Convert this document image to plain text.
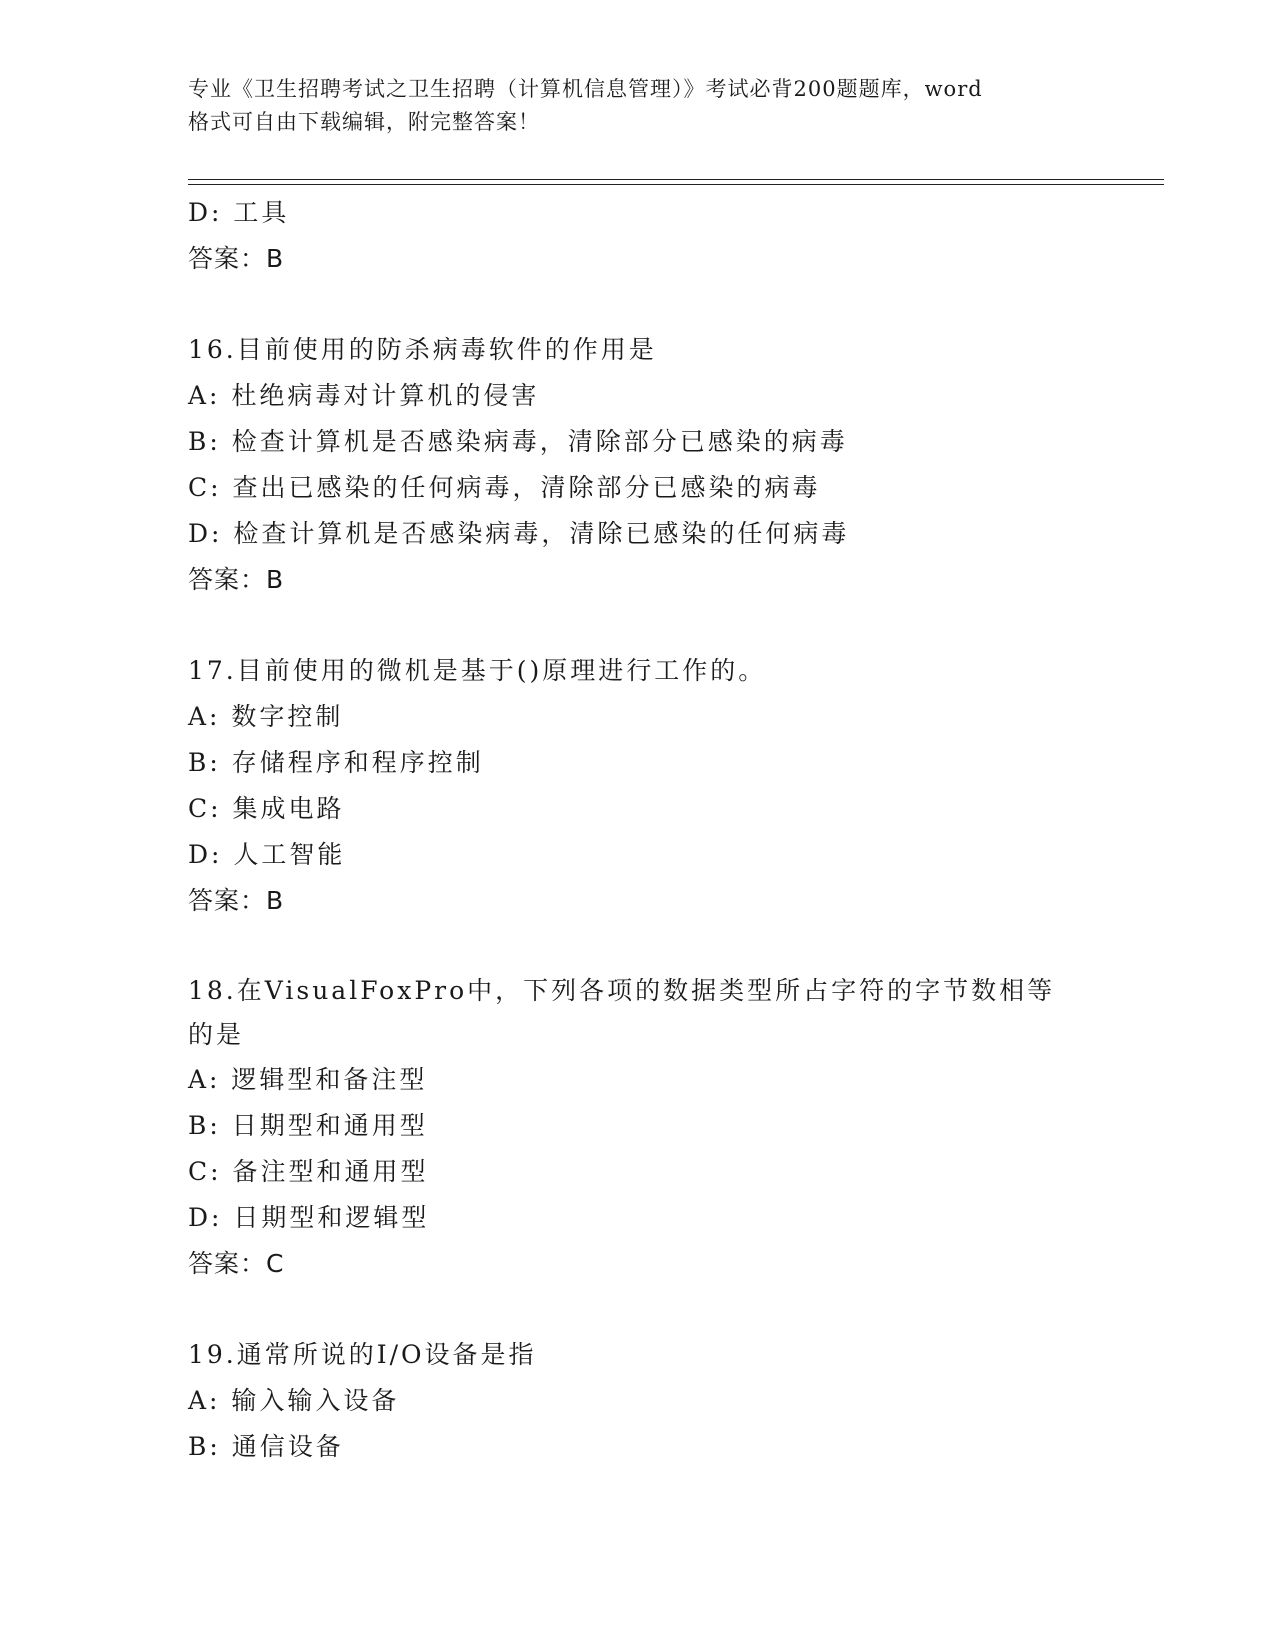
专业《卫生招聘考试之卫生招聘（计算机信息管理）》考试必背200题题库，word
格式可自由下载编辑，附完整答案！
D: 工具
答案：B
16.目前使用的防杀病毒软件的作用是
A: 杜绝病毒对计算机的侵害
B: 检查计算机是否感染病毒，清除部分已感染的病毒
C: 查出已感染的任何病毒，清除部分已感染的病毒
D: 检查计算机是否感染病毒，清除已感染的任何病毒
答案：B
17.目前使用的微机是基于()原理进行工作的。
A: 数字控制
B: 存储程序和程序控制
C: 集成电路
D: 人工智能
答案：B
18.在VisualFoxPro中，下列各项的数据类型所占字符的字节数相等的是
A: 逻辑型和备注型
B: 日期型和通用型
C: 备注型和通用型
D: 日期型和逻辑型
答案：C
19.通常所说的I/O设备是指
A: 输入输入设备
B: 通信设备
